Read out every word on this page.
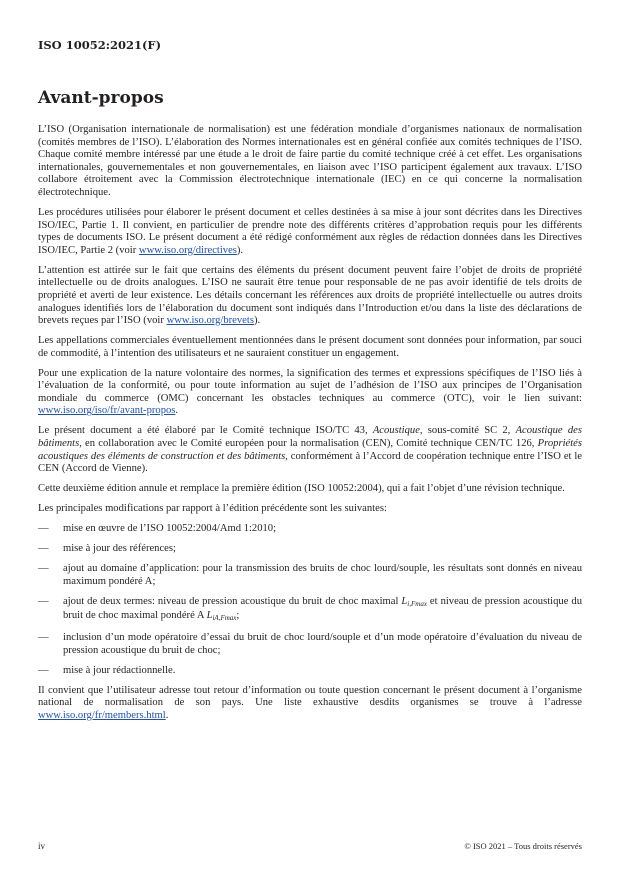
ISO 10052:2021(F)
Avant-propos

L’ISO (Organisation internationale de normalisation) est une fédération mondiale d’organismes nationaux de normalisation (comités membres de l’ISO). L’élaboration des Normes internationales est en général confiée aux comités techniques de l’ISO. Chaque comité membre intéressé par une étude a le droit de faire partie du comité technique créé à cet effet. Les organisations internationales, gouvernementales et non gouvernementales, en liaison avec l’ISO participent également aux travaux. L’ISO collabore étroitement avec la Commission électrotechnique internationale (IEC) en ce qui concerne la normalisation électrotechnique.

Les procédures utilisées pour élaborer le présent document et celles destinées à sa mise à jour sont décrites dans les Directives ISO/IEC, Partie 1. Il convient, en particulier de prendre note des différents critères d’approbation requis pour les différents types de documents ISO. Le présent document a été rédigé conformément aux règles de rédaction données dans les Directives ISO/IEC, Partie 2 (voir www.iso.org/directives).

L’attention est attirée sur le fait que certains des éléments du présent document peuvent faire l’objet de droits de propriété intellectuelle ou de droits analogues. L’ISO ne saurait être tenue pour responsable de ne pas avoir identifié de tels droits de propriété et averti de leur existence. Les détails concernant les références aux droits de propriété intellectuelle ou autres droits analogues identifiés lors de l’élaboration du document sont indiqués dans l’Introduction et/ou dans la liste des déclarations de brevets reçues par l’ISO (voir www.iso.org/brevets).

Les appellations commerciales éventuellement mentionnées dans le présent document sont données pour information, par souci de commodité, à l’intention des utilisateurs et ne sauraient constituer un engagement.

Pour une explication de la nature volontaire des normes, la signification des termes et expressions spécifiques de l’ISO liés à l’évaluation de la conformité, ou pour toute information au sujet de l’adhésion de l’ISO aux principes de l’Organisation mondiale du commerce (OMC) concernant les obstacles techniques au commerce (OTC), voir le lien suivant: www.iso.org/iso/fr/avant-propos.

Le présent document a été élaboré par le Comité technique ISO/TC 43, Acoustique, sous-comité SC 2, Acoustique des bâtiments, en collaboration avec le Comité européen pour la normalisation (CEN), Comité technique CEN/TC 126, Propriétés acoustiques des éléments de construction et des bâtiments, conformément à l’Accord de coopération technique entre l’ISO et le CEN (Accord de Vienne).

Cette deuxième édition annule et remplace la première édition (ISO 10052:2004), qui a fait l’objet d’une révision technique.

Les principales modifications par rapport à l’édition précédente sont les suivantes:

—	mise en œuvre de l’ISO 10052:2004/Amd 1:2010;
—	mise à jour des références;
—	ajout au domaine d’application: pour la transmission des bruits de choc lourd/souple, les résultats sont donnés en niveau maximum pondéré A;
—	ajout de deux termes: niveau de pression acoustique du bruit de choc maximal $L_{i,Fmax}$ et niveau de pression acoustique du bruit de choc maximal pondéré A $L_{iA,Fmax}$;
—	inclusion d’un mode opératoire d’essai du bruit de choc lourd/souple et d’un mode opératoire d’évaluation du niveau de pression acoustique du bruit de choc;
—	mise à jour rédactionnelle.

Il convient que l’utilisateur adresse tout retour d’information ou toute question concernant le présent document à l’organisme national de normalisation de son pays. Une liste exhaustive desdits organismes se trouve à l’adresse www.iso.org/fr/members.html.

iv	© ISO 2021 – Tous droits réservés
